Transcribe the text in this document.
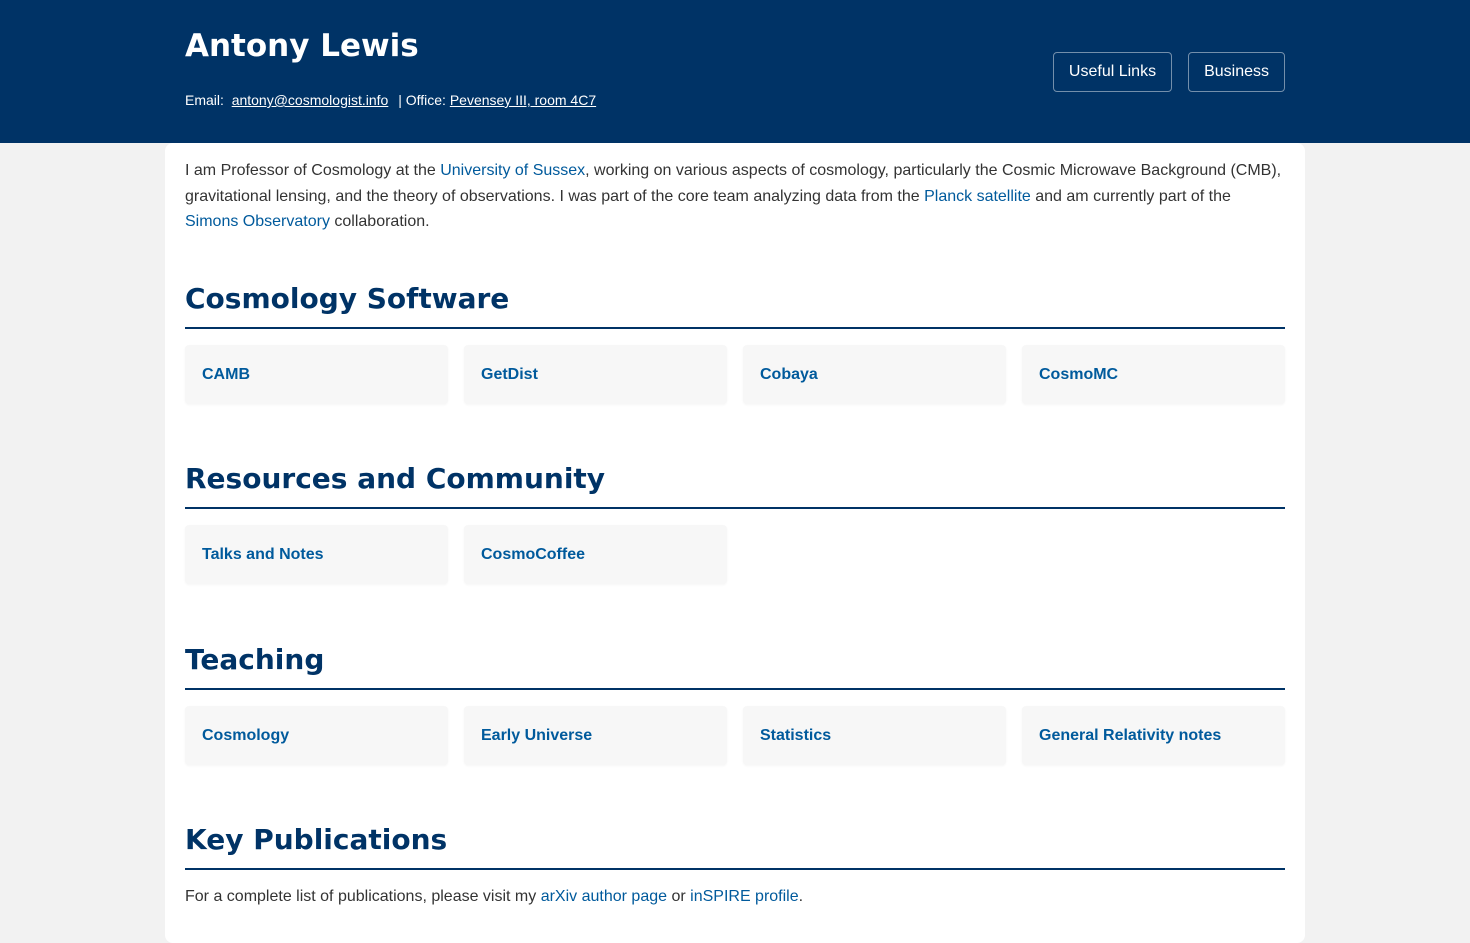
Antony Lewis
Email: antony@cosmologist.info | Office: Pevensey III, room 4C7
Useful Links	Business

I am Professor of Cosmology at the University of Sussex, working on various aspects of cosmology, particularly the Cosmic Microwave Background (CMB), gravitational lensing, and the theory of observations. I was part of the core team analyzing data from the Planck satellite and am currently part of the Simons Observatory collaboration.

Cosmology Software
CAMB	GetDist	Cobaya	CosmoMC
Resources and Community
Talks and Notes	CosmoCoffee
Teaching
Cosmology	Early Universe	Statistics	General Relativity notes
Key Publications

For a complete list of publications, please visit my arXiv author page or inSPIRE profile.
